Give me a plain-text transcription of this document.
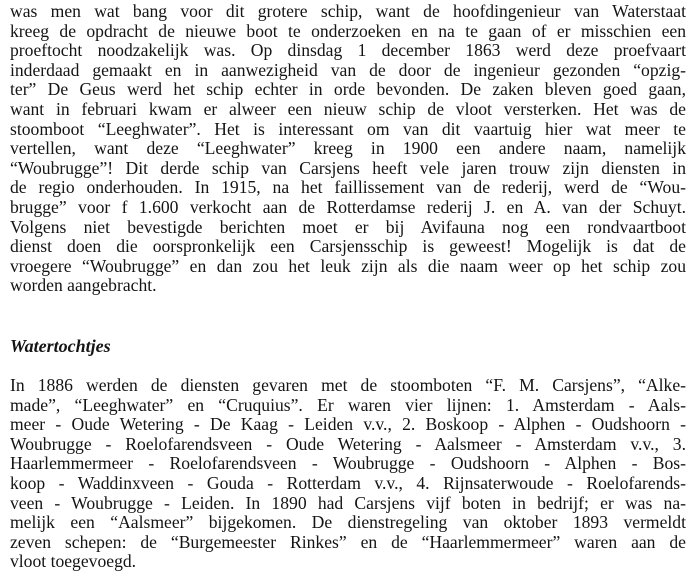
was men wat bang voor dit grotere schip, want de hoofdingenieur van Waterstaat
kreeg de opdracht de nieuwe boot te onderzoeken en na te gaan of er misschien een
proeftocht noodzakelijk was. Op dinsdag 1 december 1863 werd deze proefvaart
inderdaad gemaakt en in aanwezigheid van de door de ingenieur gezonden “opzig-
ter” De Geus werd het schip echter in orde bevonden. De zaken bleven goed gaan,
want in februari kwam er alweer een nieuw schip de vloot versterken. Het was de
stoomboot “Leeghwater”. Het is interessant om van dit vaartuig hier wat meer te
vertellen, want deze “Leeghwater” kreeg in 1900 een andere naam, namelijk
“Woubrugge”! Dit derde schip van Carsjens heeft vele jaren trouw zijn diensten in
de regio onderhouden. In 1915, na het faillissement van de rederij, werd de “Wou-
brugge” voor f 1.600 verkocht aan de Rotterdamse rederij J. en A. van der Schuyt.
Volgens niet bevestigde berichten moet er bij Avifauna nog een rondvaartboot
dienst doen die oorspronkelijk een Carsjensschip is geweest! Mogelijk is dat de
vroegere “Woubrugge” en dan zou het leuk zijn als die naam weer op het schip zou
worden aangebracht.
Watertochtjes
In 1886 werden de diensten gevaren met de stoomboten “F. M. Carsjens”, “Alke-
made”, “Leeghwater” en “Cruquius”. Er waren vier lijnen: 1. Amsterdam - Aals-
meer - Oude Wetering - De Kaag - Leiden v.v., 2. Boskoop - Alphen - Oudshoorn -
Woubrugge - Roelofarendsveen - Oude Wetering - Aalsmeer - Amsterdam v.v., 3.
Haarlemmermeer - Roelofarendsveen - Woubrugge - Oudshoorn - Alphen - Bos-
koop - Waddinxveen - Gouda - Rotterdam v.v., 4. Rijnsaterwoude - Roelofarends-
veen - Woubrugge - Leiden. In 1890 had Carsjens vijf boten in bedrijf; er was na-
melijk een “Aalsmeer” bijgekomen. De dienstregeling van oktober 1893 vermeldt
zeven schepen: de “Burgemeester Rinkes” en de “Haarlemmermeer” waren aan de
vloot toegevoegd.
